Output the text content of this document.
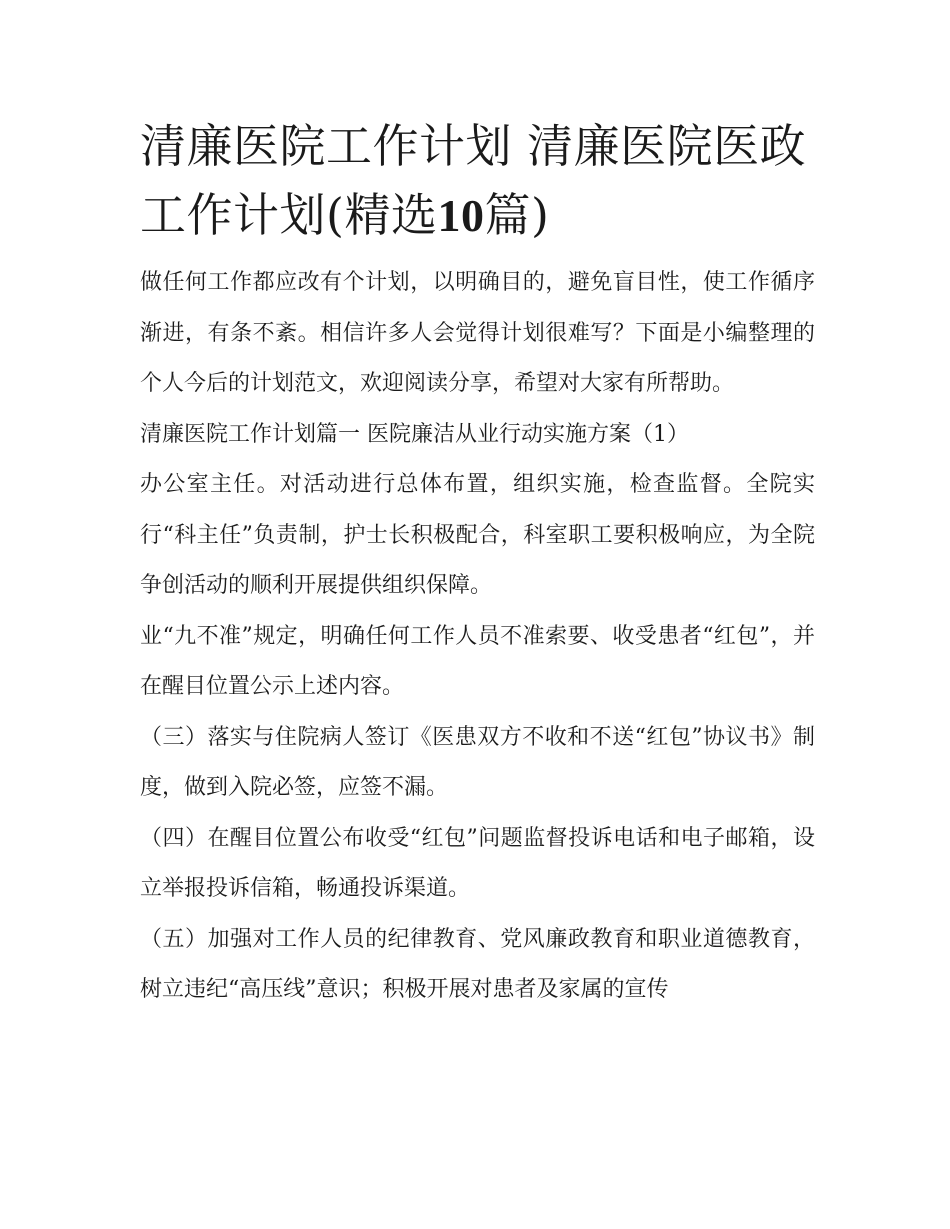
清廉医院工作计划 清廉医院医政工作计划(精选10篇)

做任何工作都应改有个计划，以明确目的，避免盲目性，使工作循序渐进，有条不紊。相信许多人会觉得计划很难写？下面是小编整理的个人今后的计划范文，欢迎阅读分享，希望对大家有所帮助。

清廉医院工作计划篇一 医院廉洁从业行动实施方案（1）

办公室主任。对活动进行总体布置，组织实施，检查监督。全院实行“科主任”负责制，护士长积极配合，科室职工要积极响应，为全院争创活动的顺利开展提供组织保障。

业“九不准”规定，明确任何工作人员不准索要、收受患者“红包”，并在醒目位置公示上述内容。

（三）落实与住院病人签订《医患双方不收和不送“红包”协议书》制度，做到入院必签，应签不漏。

（四）在醒目位置公布收受“红包”问题监督投诉电话和电子邮箱，设立举报投诉信箱，畅通投诉渠道。

（五）加强对工作人员的纪律教育、党风廉政教育和职业道德教育，树立违纪“高压线”意识；积极开展对患者及家属的宣传
